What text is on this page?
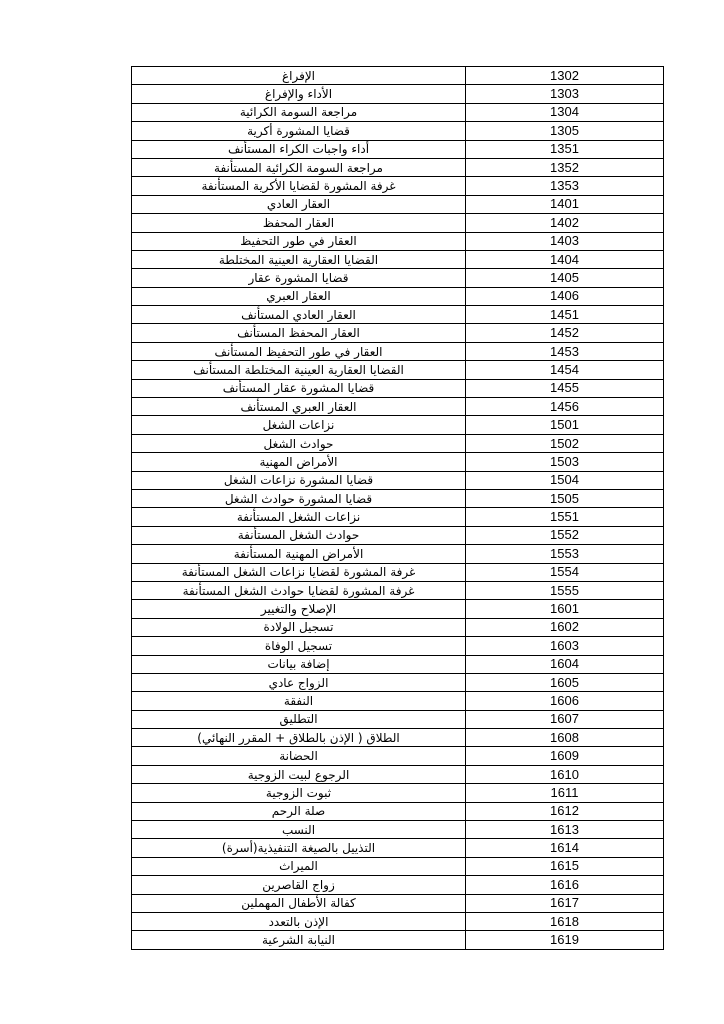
الإفراغ	1302
الأداء والإفراغ	1303
مراجعة السومة الكرائية	1304
قضايا المشورة أكرية	1305
أداء واجبات الكراء المستأنف	1351
مراجعة السومة الكرائية المستأنفة	1352
غرفة المشورة لقضايا الأكرية المستأنفة	1353
العقار العادي	1401
العقار المحفظ	1402
العقار في طور التحفيظ	1403
القضايا العقارية العينية المختلطة	1404
قضايا المشورة عقار	1405
العقار العبري	1406
العقار العادي المستأنف	1451
العقار المحفظ المستأنف	1452
العقار في طور التحفيظ المستأنف	1453
القضايا العقارية العينية المختلطة المستأنف	1454
قضايا المشورة عقار المستأنف	1455
العقار العبري المستأنف	1456
نزاعات الشغل	1501
حوادث الشغل	1502
الأمراض المهنية	1503
قضايا المشورة نزاعات الشغل	1504
قضايا المشورة حوادث الشغل	1505
نزاعات الشغل المستأنفة	1551
حوادث الشغل المستأنفة	1552
الأمراض المهنية المستأنفة	1553
غرفة المشورة لقضايا نزاعات الشغل المستأنفة	1554
غرفة المشورة لقضايا حوادث الشغل المستأنفة	1555
الإصلاح والتغيير	1601
تسجيل الولادة	1602
تسجيل الوفاة	1603
إضافة بيانات	1604
الزواج عادي	1605
النفقة	1606
التطليق	1607
الطلاق ( الإذن بالطلاق + المقرر النهائي)	1608
الحضانة	1609
الرجوع لبيت الزوجية	1610
ثبوت الزوجية	1611
صلة الرحم	1612
النسب	1613
التذييل بالصيغة التنفيذية(أسرة)	1614
الميراث	1615
زواج القاصرين	1616
كفالة الأطفال المهملين	1617
الإذن بالتعدد	1618
النيابة الشرعية	1619
